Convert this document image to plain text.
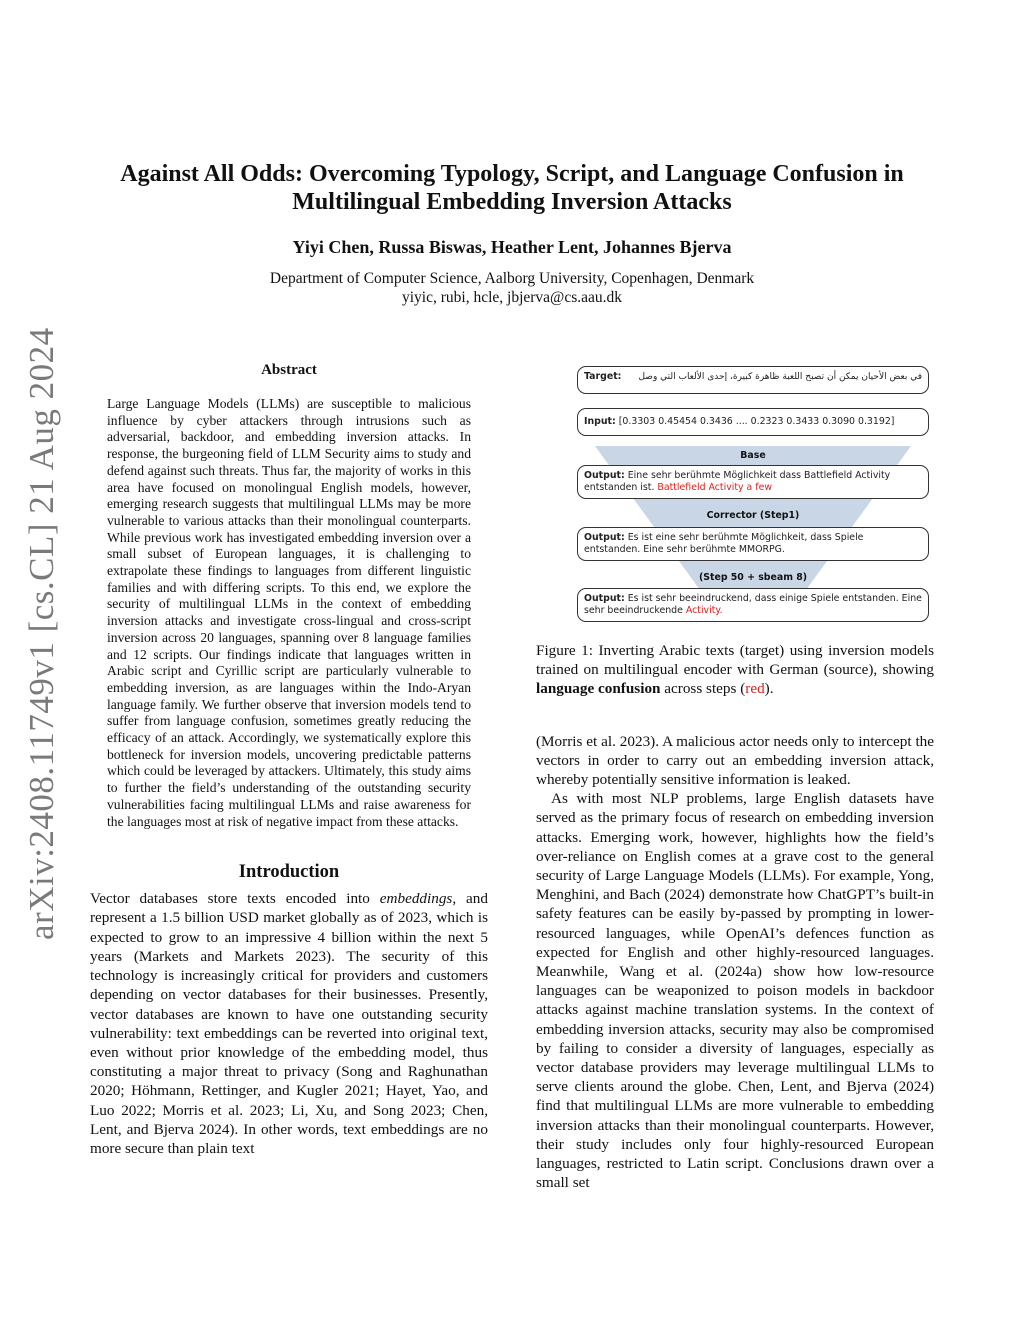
arXiv:2408.11749v1 [cs.CL] 21 Aug 2024
Against All Odds: Overcoming Typology, Script, and Language Confusion in
Multilingual Embedding Inversion Attacks
Yiyi Chen, Russa Biswas, Heather Lent, Johannes Bjerva
Department of Computer Science, Aalborg University, Copenhagen, Denmark
yiyic, rubi, hcle, jbjerva@cs.aau.dk
Abstract

Large Language Models (LLMs) are susceptible to malicious influence by cyber attackers through intrusions such as adversarial, backdoor, and embedding inversion attacks. In response, the burgeoning field of LLM Security aims to study and defend against such threats. Thus far, the majority of works in this area have focused on monolingual English models, however, emerging research suggests that multilingual LLMs may be more vulnerable to various attacks than their monolingual counterparts. While previous work has investigated embedding inversion over a small subset of European languages, it is challenging to extrapolate these findings to languages from different linguistic families and with differing scripts. To this end, we explore the security of multilingual LLMs in the context of embedding inversion attacks and investigate cross-lingual and cross-script inversion across 20 languages, spanning over 8 language families and 12 scripts. Our findings indicate that languages written in Arabic script and Cyrillic script are particularly vulnerable to embedding inversion, as are languages within the Indo-Aryan language family. We further observe that inversion models tend to suffer from language confusion, sometimes greatly reducing the efficacy of an attack. Accordingly, we systematically explore this bottleneck for inversion models, uncovering predictable patterns which could be leveraged by attackers. Ultimately, this study aims to further the field’s understanding of the outstanding security vulnerabilities facing multilingual LLMs and raise awareness for the languages most at risk of negative impact from these attacks.

Introduction

Vector databases store texts encoded into embeddings, and represent a 1.5 billion USD market globally as of 2023, which is expected to grow to an impressive 4 billion within the next 5 years (Markets and Markets 2023). The security of this technology is increasingly critical for providers and customers depending on vector databases for their businesses. Presently, vector databases are known to have one outstanding security vulnerability: text embeddings can be reverted into original text, even without prior knowledge of the embedding model, thus constituting a major threat to privacy (Song and Raghunathan 2020; Höhmann, Rettinger, and Kugler 2021; Hayet, Yao, and Luo 2022; Morris et al. 2023; Li, Xu, and Song 2023; Chen, Lent, and Bjerva 2024). In other words, text embeddings are no more secure than plain text

Target: في بعض الأحيان يمكن أن تصبح اللعبة ظاهرة كبيرة، إحدى الألعاب التي وصل
Input: [0.3303 0.45454 0.3436 .... 0.2323 0.3433 0.3090 0.3192]
Base
Output: Eine sehr berühmte Möglichkeit dass Battlefield Activity entstanden ist. Battlefield Activity a few
Corrector (Step1)
Output: Es ist eine sehr berühmte Möglichkeit, dass Spiele entstanden. Eine sehr berühmte MMORPG.
(Step 50 + sbeam 8)
Output: Es ist sehr beeindruckend, dass einige Spiele entstanden. Eine sehr beeindruckende Activity.

Figure 1: Inverting Arabic texts (target) using inversion models trained on multilingual encoder with German (source), showing language confusion across steps (red).

(Morris et al. 2023). A malicious actor needs only to intercept the vectors in order to carry out an embedding inversion attack, whereby potentially sensitive information is leaked.

As with most NLP problems, large English datasets have served as the primary focus of research on embedding inversion attacks. Emerging work, however, highlights how the field’s over-reliance on English comes at a grave cost to the general security of Large Language Models (LLMs). For example, Yong, Menghini, and Bach (2024) demonstrate how ChatGPT’s built-in safety features can be easily by-passed by prompting in lower-resourced languages, while OpenAI’s defences function as expected for English and other highly-resourced languages. Meanwhile, Wang et al. (2024a) show how low-resource languages can be weaponized to poison models in backdoor attacks against machine translation systems. In the context of embedding inversion attacks, security may also be compromised by failing to consider a diversity of languages, especially as vector database providers may leverage multilingual LLMs to serve clients around the globe. Chen, Lent, and Bjerva (2024) find that multilingual LLMs are more vulnerable to embedding inversion attacks than their monolingual counterparts. However, their study includes only four highly-resourced European languages, restricted to Latin script. Conclusions drawn over a small set
